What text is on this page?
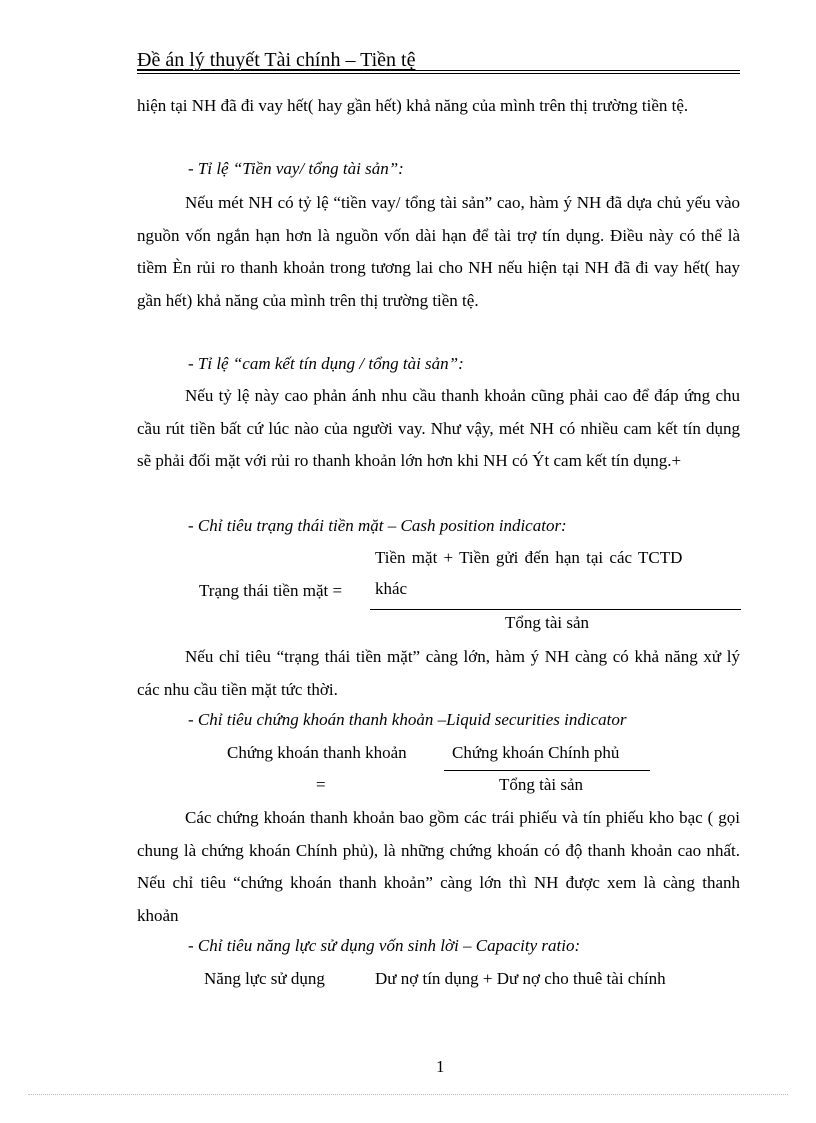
Đề án lý thuyết Tài chính – Tiền tệ
hiện tại NH đã đi vay hết( hay gần hết) khả năng của mình trên thị trường tiền tệ.
- Tỉ lệ “Tiền vay/ tổng tài sản”:
Nếu mét NH có tỷ lệ “tiền vay/ tổng tài sản” cao, hàm ý NH đã dựa chủ yếu vào nguồn vốn ngắn hạn hơn là nguồn vốn dài hạn để tài trợ tín dụng. Điều này có thể là tiềm Èn rủi ro thanh khoản trong tương lai cho NH nếu hiện tại NH đã đi vay hết( hay gần hết) khả năng của mình trên thị trường tiền tệ.
- Tỉ lệ “cam kết tín dụng / tổng tài sản”:
Nếu tỷ lệ này cao phản ánh nhu cầu thanh khoản cũng phải cao để đáp ứng chu cầu rút tiền bất cứ lúc nào của người vay. Như vậy, mét NH có nhiều cam kết tín dụng sẽ phải đối mặt với rủi ro thanh khoản lớn hơn khi NH có Ýt cam kết tín dụng.+
- Chỉ tiêu trạng thái tiền mặt – Cash position indicator:
Tiền mặt + Tiền gửi đến hạn tại các TCTD
Trạng thái tiền mặt = khác
Tổng tài sản
Nếu chỉ tiêu “trạng thái tiền mặt” càng lớn, hàm ý NH càng có khả năng xử lý các nhu cầu tiền mặt tức thời.
- Chỉ tiêu chứng khoán thanh khoản –Liquid securities indicator
Chứng khoán thanh khoản	Chứng khoán Chính phủ
=	Tổng tài sản
Các chứng khoán thanh khoản bao gồm các trái phiếu và tín phiếu kho bạc ( gọi chung là chứng khoán Chính phủ), là những chứng khoán có độ thanh khoản cao nhất. Nếu chỉ tiêu “chứng khoán thanh khoản” càng lớn thì NH được xem là càng thanh khoản
- Chỉ tiêu năng lực sử dụng vốn sinh lời – Capacity ratio:
Năng lực sử dụng	Dư nợ tín dụng + Dư nợ cho thuê tài chính
1
